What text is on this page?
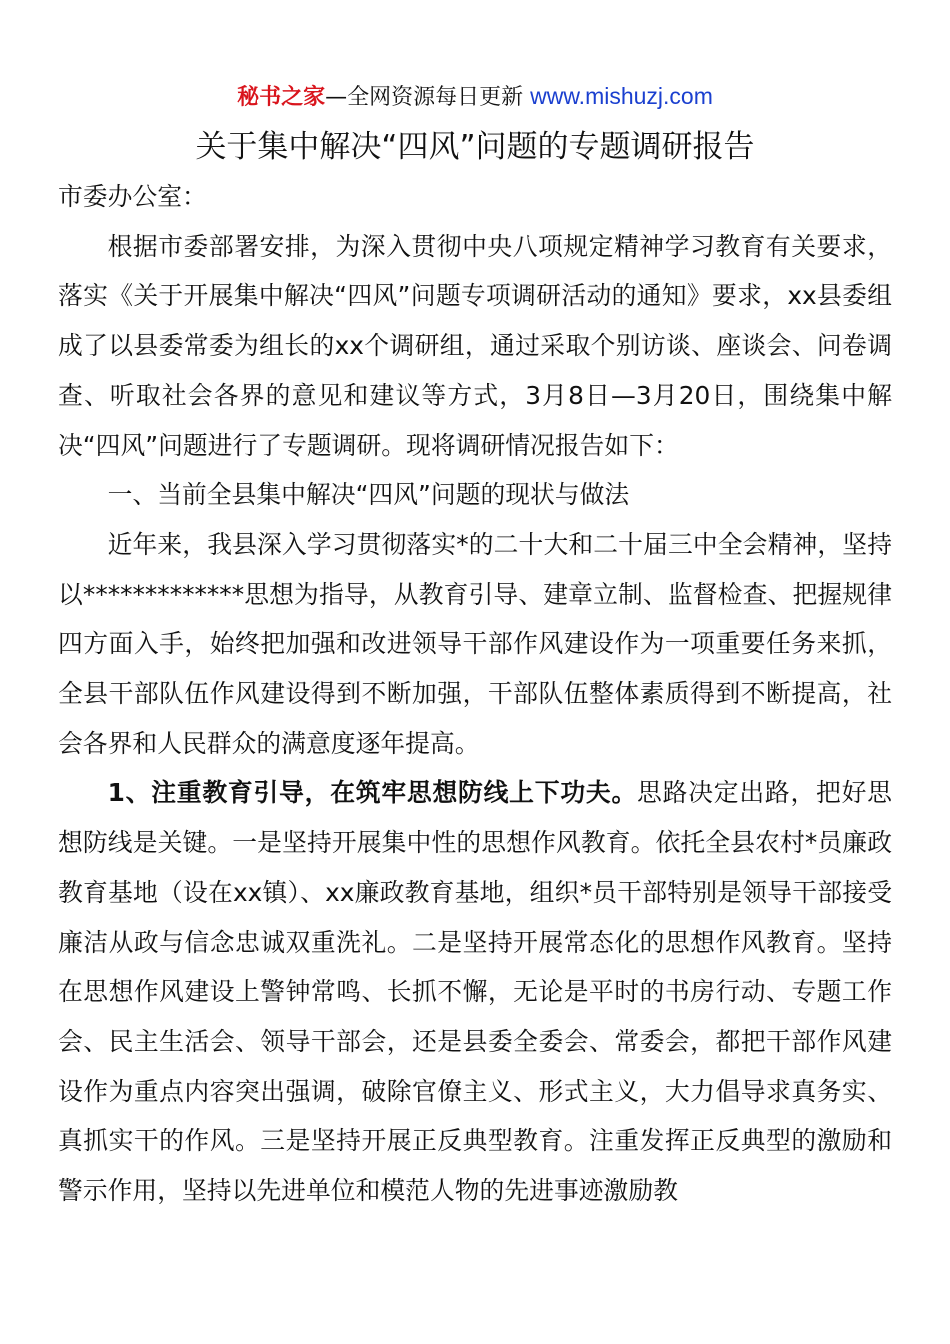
秘书之家—全网资源每日更新 www.mishuzj.com
关于集中解决“四风”问题的专题调研报告

市委办公室：

根据市委部署安排，为深入贯彻中央八项规定精神学习教育有关要求，落实《关于开展集中解决“四风”问题专项调研活动的通知》要求，xx县委组成了以县委常委为组长的xx个调研组，通过采取个别访谈、座谈会、问卷调查、听取社会各界的意见和建议等方式，3月8日—3月20日，围绕集中解决“四风”问题进行了专题调研。现将调研情况报告如下：

一、当前全县集中解决“四风”问题的现状与做法

近年来，我县深入学习贯彻落实*的二十大和二十届三中全会精神，坚持以*************思想为指导，从教育引导、建章立制、监督检查、把握规律四方面入手，始终把加强和改进领导干部作风建设作为一项重要任务来抓，全县干部队伍作风建设得到不断加强，干部队伍整体素质得到不断提高，社会各界和人民群众的满意度逐年提高。

1、注重教育引导，在筑牢思想防线上下功夫。思路决定出路，把好思想防线是关键。一是坚持开展集中性的思想作风教育。依托全县农村*员廉政教育基地（设在xx镇）、xx廉政教育基地，组织*员干部特别是领导干部接受廉洁从政与信念忠诚双重洗礼。二是坚持开展常态化的思想作风教育。坚持在思想作风建设上警钟常鸣、长抓不懈，无论是平时的书房行动、专题工作会、民主生活会、领导干部会，还是县委全委会、常委会，都把干部作风建设作为重点内容突出强调，破除官僚主义、形式主义，大力倡导求真务实、真抓实干的作风。三是坚持开展正反典型教育。注重发挥正反典型的激励和警示作用，坚持以先进单位和模范人物的先进事迹激励教
